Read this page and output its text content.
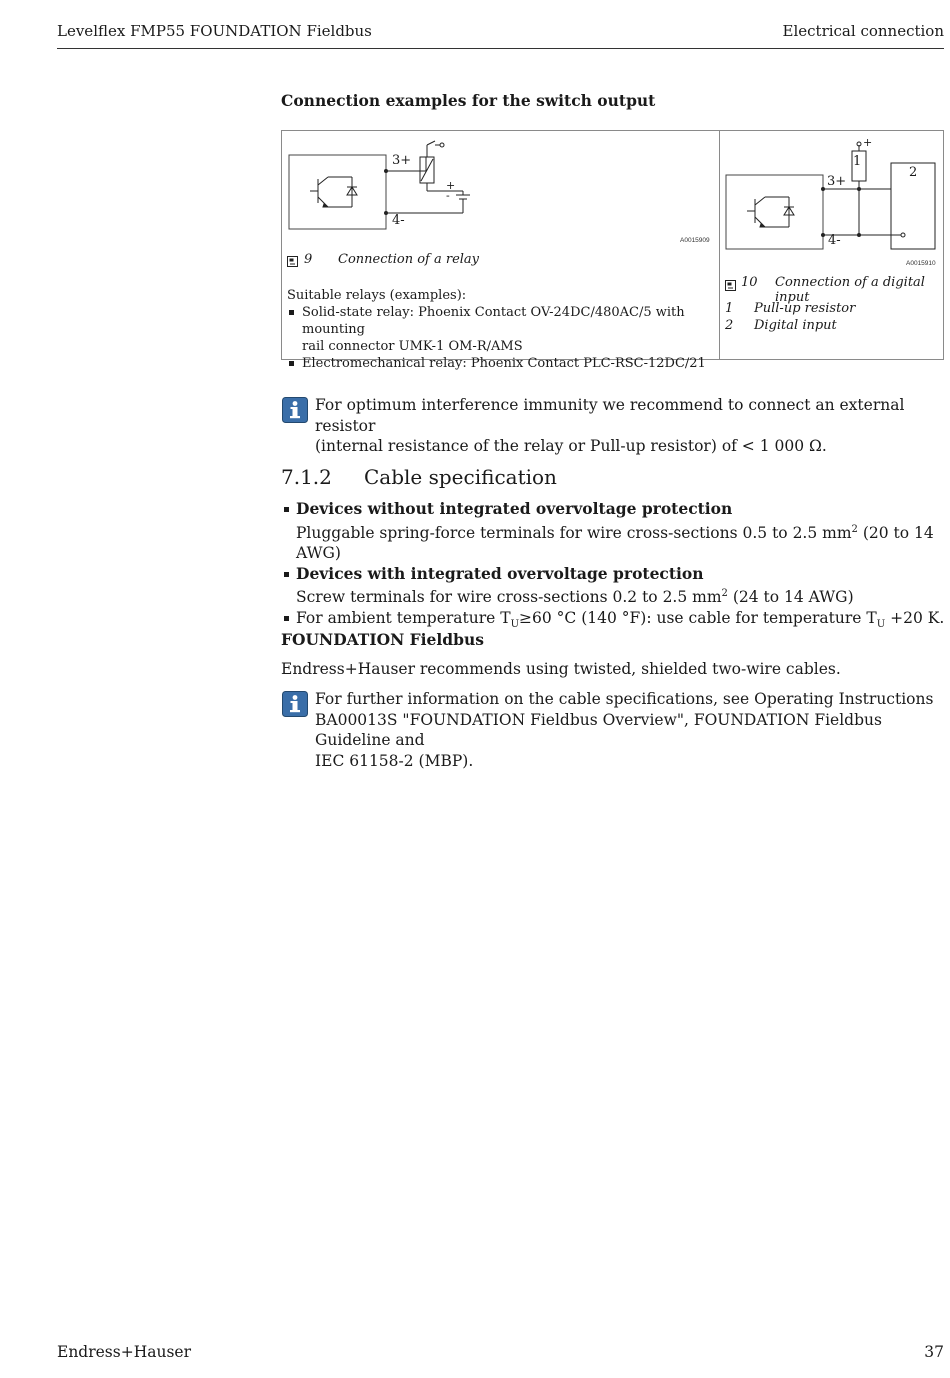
Levelflex FMP55 FOUNDATION Fieldbus	Electrical connection
Connection examples for the switch output
3+
4-
+
-
A0015909
9 Connection of a relay
Suitable relays (examples):
Solid-state relay: Phoenix Contact OV-24DC/480AC/5 with mounting
rail connector UMK-1 OM-R/AMS
Electromechanical relay: Phoenix Contact PLC-RSC-12DC/21
3+
4-
+
1
2
A0015910
10 Connection of a digital input
1 Pull-up resistor
2 Digital input
For optimum interference immunity we recommend to connect an external resistor
(internal resistance of the relay or Pull-up resistor) of < 1 000 Ω.
7.1.2 Cable specification
Devices without integrated overvoltage protection
Pluggable spring-force terminals for wire cross-sections 0.5 to 2.5 $mm^2$ (20 to 14 AWG)
Devices with integrated overvoltage protection
Screw terminals for wire cross-sections 0.2 to 2.5 $mm^2$ (24 to 14 AWG)
For ambient temperature $T_U\ge 60$ °C (140 °F): use cable for temperature $T_U +20$ K.
FOUNDATION Fieldbus
Endress+Hauser recommends using twisted, shielded two-wire cables.
For further information on the cable specifications, see Operating Instructions
BA00013S "FOUNDATION Fieldbus Overview", FOUNDATION Fieldbus Guideline and
IEC 61158-2 (MBP).
Endress+Hauser	37
